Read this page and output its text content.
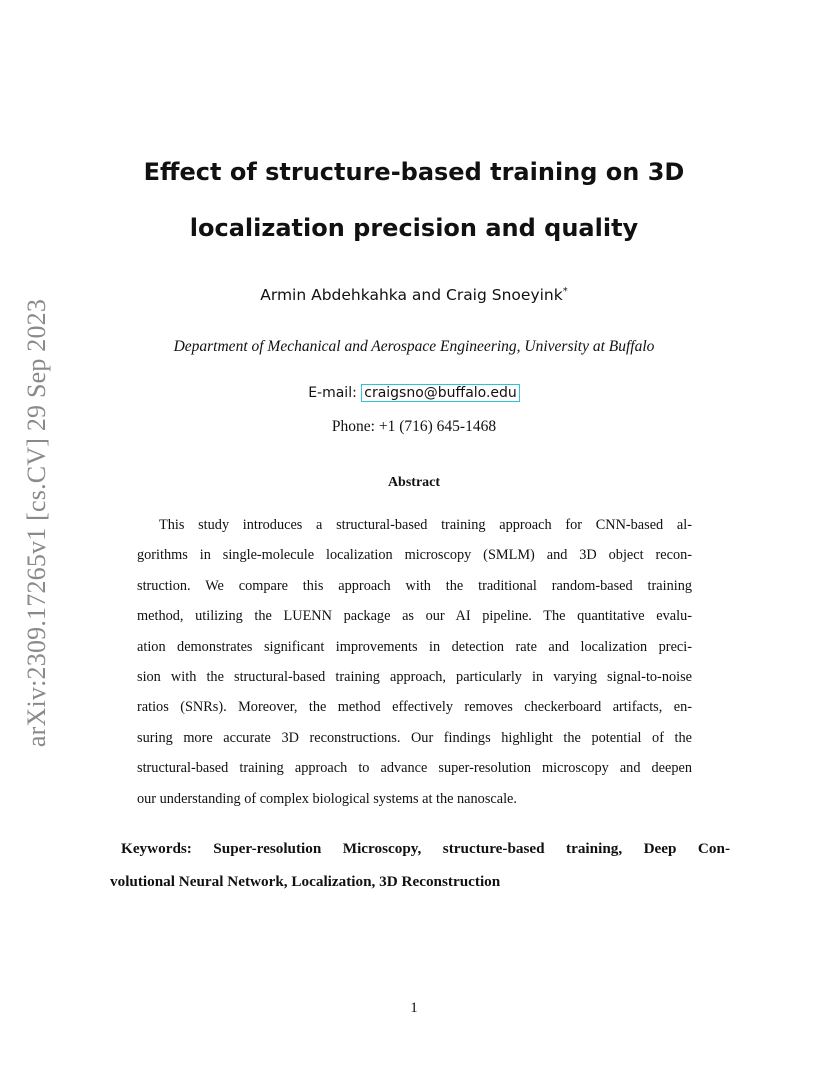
arXiv:2309.17265v1 [cs.CV] 29 Sep 2023
Effect of structure-based training on 3D
localization precision and quality
Armin Abdehkahka and Craig Snoeyink*
Department of Mechanical and Aerospace Engineering, University at Buffalo
E-mail: craigsno@buffalo.edu
Phone: +1 (716) 645-1468
Abstract
This study introduces a structural-based training approach for CNN-based al-
gorithms in single-molecule localization microscopy (SMLM) and 3D object recon-
struction. We compare this approach with the traditional random-based training
method, utilizing the LUENN package as our AI pipeline. The quantitative evalu-
ation demonstrates significant improvements in detection rate and localization preci-
sion with the structural-based training approach, particularly in varying signal-to-noise
ratios (SNRs). Moreover, the method effectively removes checkerboard artifacts, en-
suring more accurate 3D reconstructions. Our findings highlight the potential of the
structural-based training approach to advance super-resolution microscopy and deepen
our understanding of complex biological systems at the nanoscale.
Keywords: Super-resolution Microscopy, structure-based training, Deep Con-
volutional Neural Network, Localization, 3D Reconstruction
1
